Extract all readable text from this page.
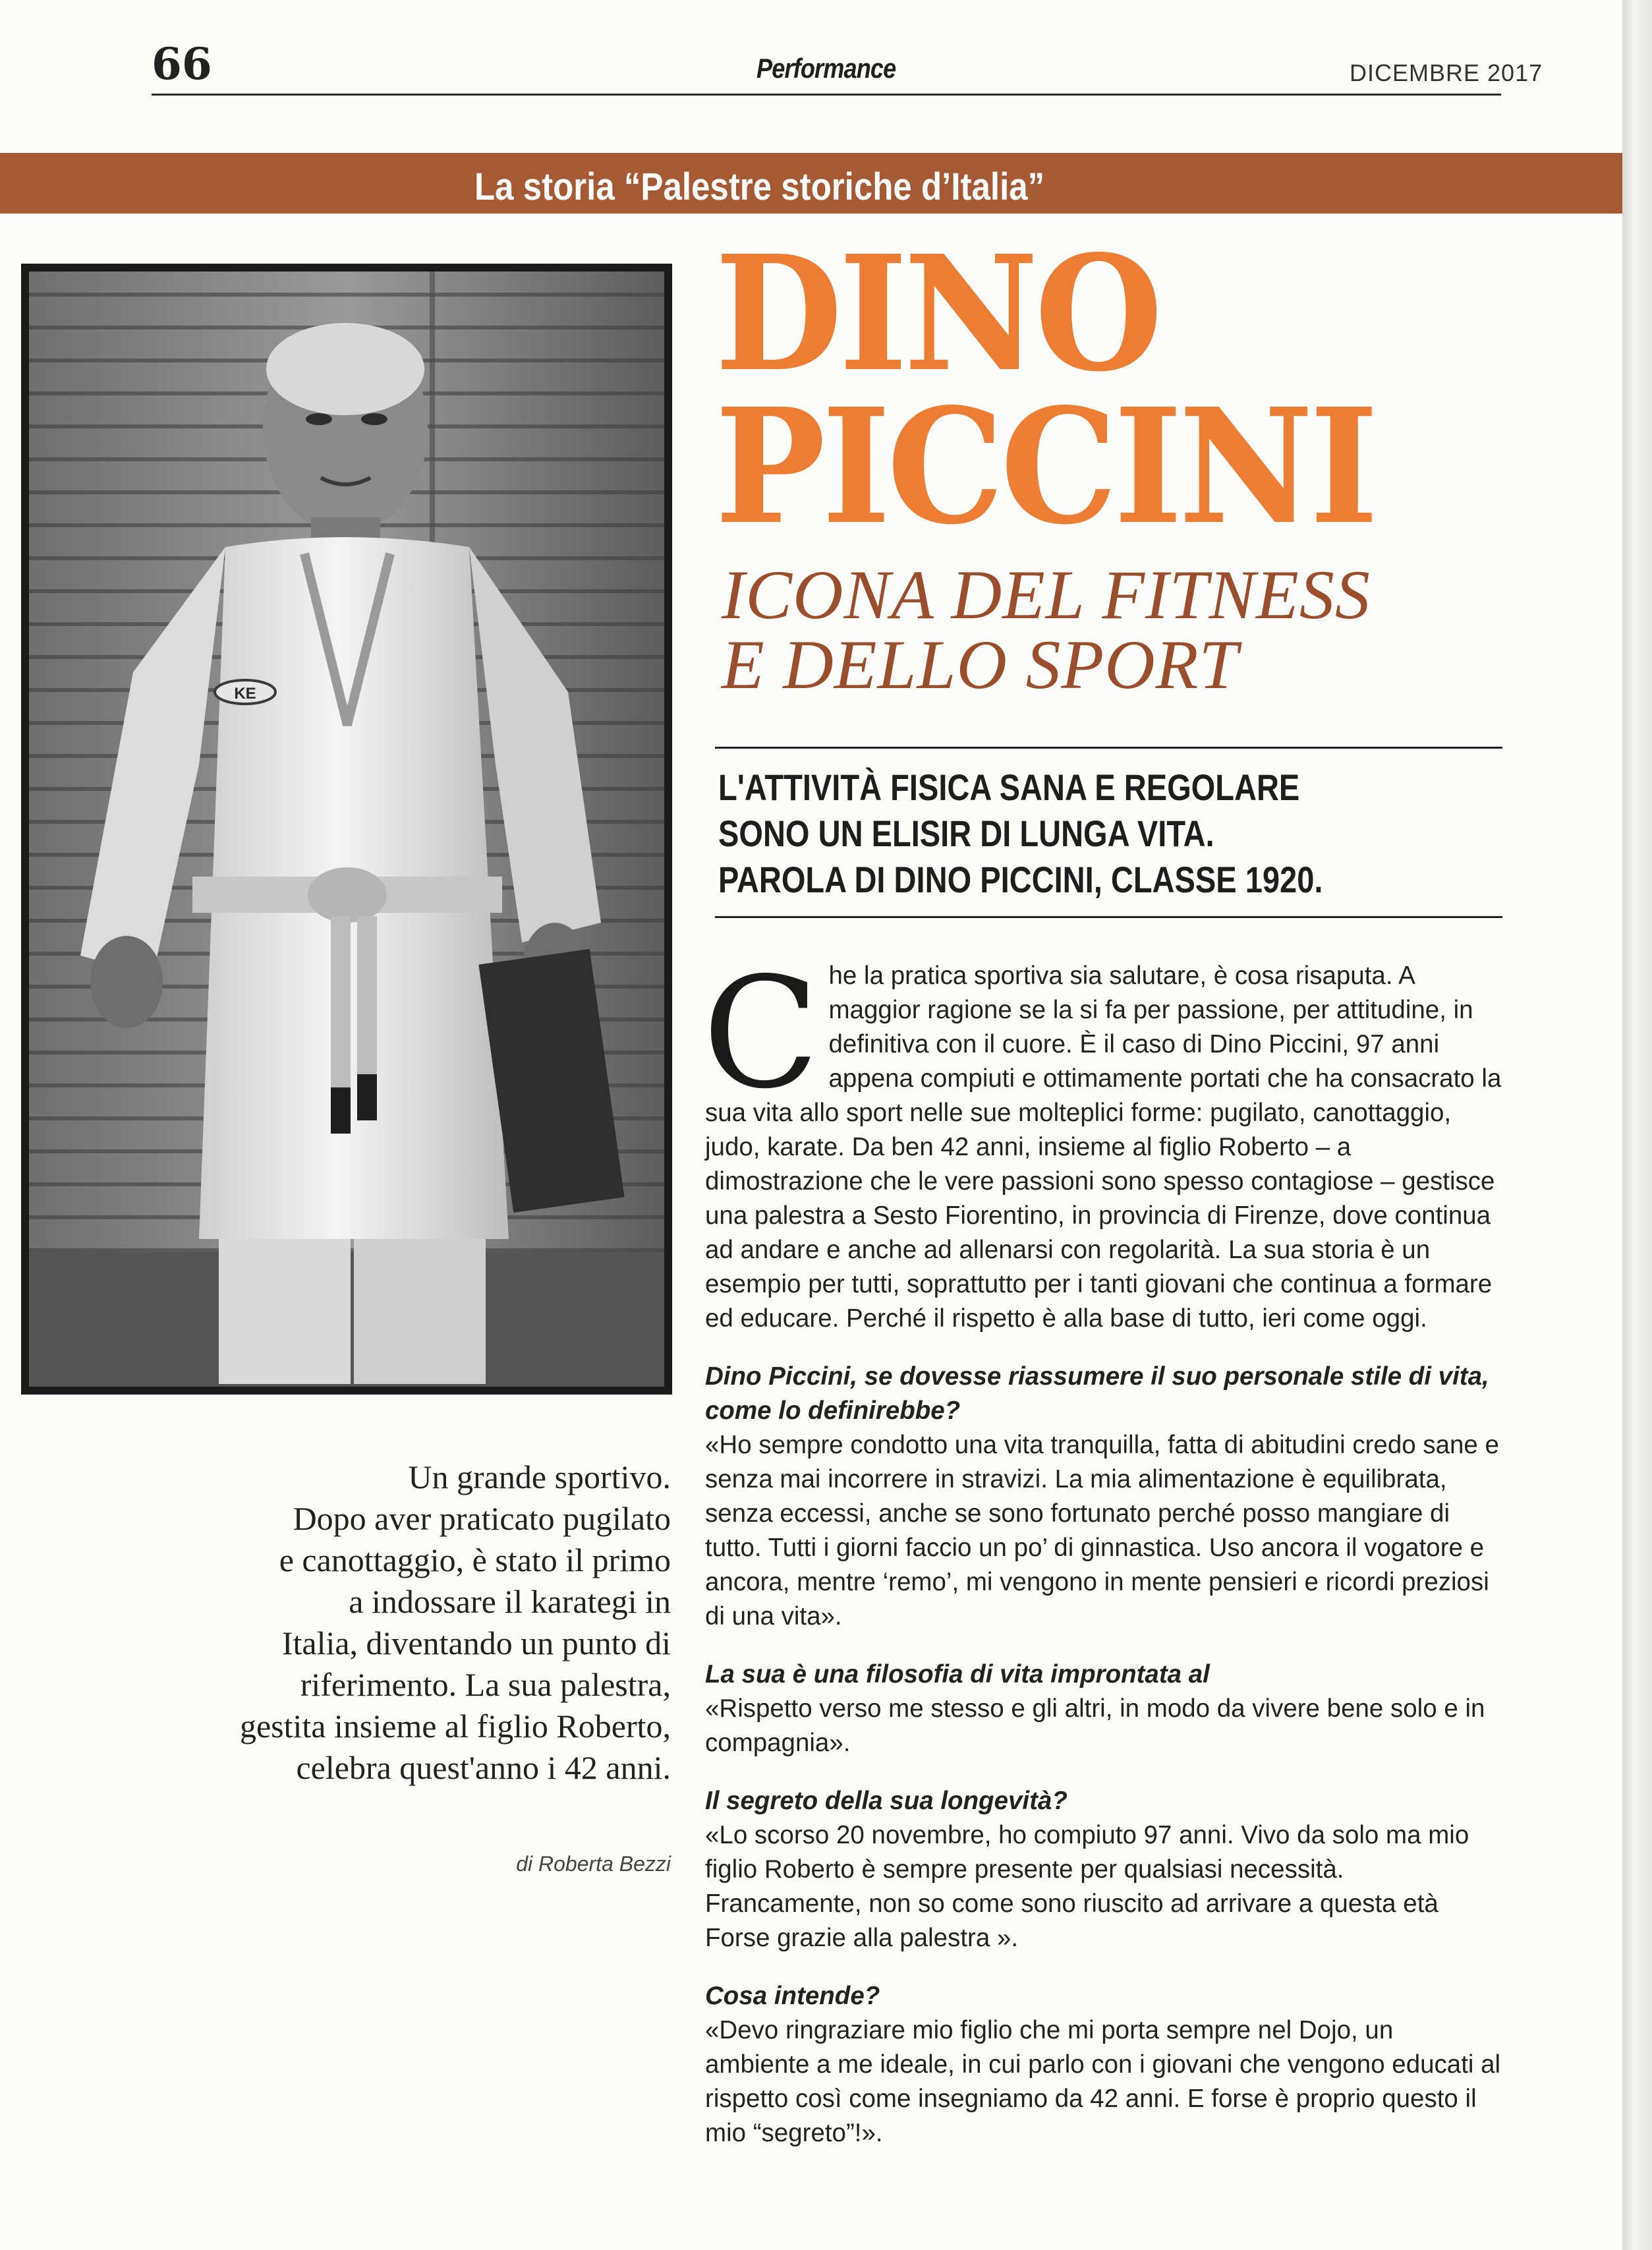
66	Performance	DICEMBRE 2017
La storia “Palestre storiche d’Italia”
KE
DINO
PICCINI
ICONA DEL FITNESS
E DELLO SPORT
L'ATTIVITÀ FISICA SANA E REGOLARE
SONO UN ELISIR DI LUNGA VITA.
PAROLA DI DINO PICCINI, CLASSE 1920.

Che la pratica sportiva sia salutare, è cosa risaputa. A maggior ragione se la si fa per passione, per attitudine, in definitiva con il cuore. È il caso di Dino Piccini, 97 anni appena compiuti e ottimamente portati che ha consacrato la sua vita allo sport nelle sue molteplici forme: pugilato, canottaggio, judo, karate. Da ben 42 anni, insieme al figlio Roberto – a dimostrazione che le vere passioni sono spesso contagiose – gestisce una palestra a Sesto Fiorentino, in provincia di Firenze, dove continua ad andare e anche ad allenarsi con regolarità. La sua storia è un esempio per tutti, soprattutto per i tanti giovani che continua a formare ed educare. Perché il rispetto è alla base di tutto, ieri come oggi.

Dino Piccini, se dovesse riassumere il suo personale stile di vita, come lo definirebbe?

«Ho sempre condotto una vita tranquilla, fatta di abitudini credo sane e senza mai incorrere in stravizi. La mia alimentazione è equilibrata, senza eccessi, anche se sono fortunato perché posso mangiare di tutto. Tutti i giorni faccio un po’ di ginnastica. Uso ancora il vogatore e ancora, mentre ‘remo’, mi vengono in mente pensieri e ricordi preziosi di una vita».

La sua è una filosofia di vita improntata al

«Rispetto verso me stesso e gli altri, in modo da vivere bene solo e in compagnia».

Il segreto della sua longevità?

«Lo scorso 20 novembre, ho compiuto 97 anni. Vivo da solo ma mio figlio Roberto è sempre presente per qualsiasi necessità. Francamente, non so come sono riuscito ad arrivare a questa età Forse grazie alla palestra ».

Cosa intende?

«Devo ringraziare mio figlio che mi porta sempre nel Dojo, un ambiente a me ideale, in cui parlo con i giovani che vengono educati al rispetto così come insegniamo da 42 anni. E forse è proprio questo il mio “segreto”!».

Un grande sportivo.
Dopo aver praticato pugilato
e canottaggio, è stato il primo
a indossare il karategi in
Italia, diventando un punto di
riferimento. La sua palestra,
gestita insieme al figlio Roberto,
celebra quest'anno i 42 anni.
di Roberta Bezzi
